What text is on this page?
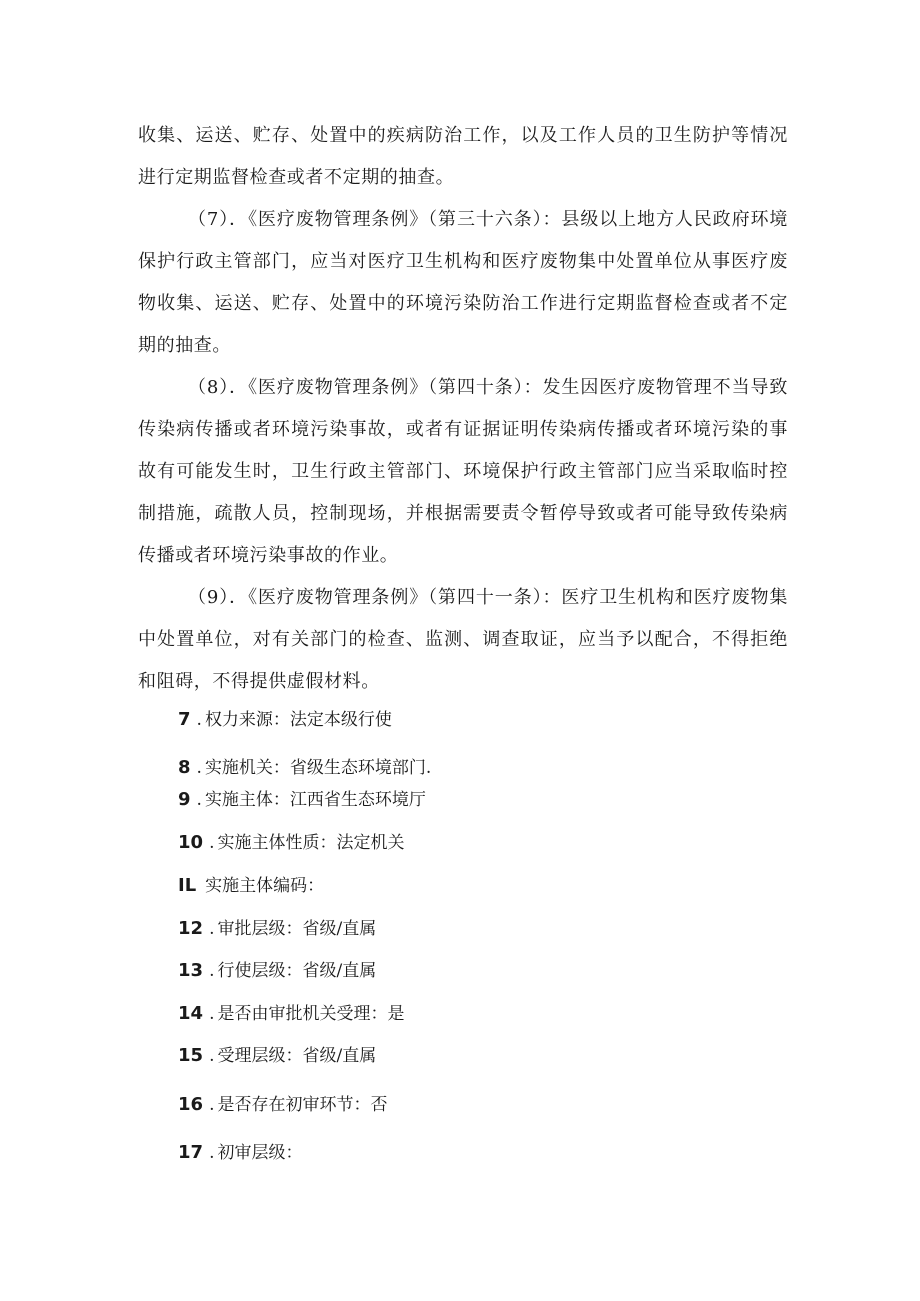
收集、运送、贮存、处置中的疾病防治工作，以及工作人员的卫生防护等情况进行定期监督检查或者不定期的抽查。

（7）．《医疗废物管理条例》（第三十六条）：县级以上地方人民政府环境保护行政主管部门，应当对医疗卫生机构和医疗废物集中处置单位从事医疗废物收集、运送、贮存、处置中的环境污染防治工作进行定期监督检查或者不定期的抽查。

（8）．《医疗废物管理条例》（第四十条）：发生因医疗废物管理不当导致传染病传播或者环境污染事故，或者有证据证明传染病传播或者环境污染的事故有可能发生时，卫生行政主管部门、环境保护行政主管部门应当采取临时控制措施，疏散人员，控制现场，并根据需要责令暂停导致或者可能导致传染病传播或者环境污染事故的作业。

（9）．《医疗废物管理条例》（第四十一条）：医疗卫生机构和医疗废物集中处置单位，对有关部门的检查、监测、调查取证，应当予以配合，不得拒绝和阻碍，不得提供虚假材料。

7 . 权力来源：法定本级行使
8 . 实施机关：省级生态环境部门.
9 . 实施主体：江西省生态环境厅
10 . 实施主体性质：法定机关
IL 实施主体编码：
12 . 审批层级：省级/直属
13 . 行使层级：省级/直属
14 . 是否由审批机关受理：是
15 . 受理层级：省级/直属
16 . 是否存在初审环节：否
17 . 初审层级：
